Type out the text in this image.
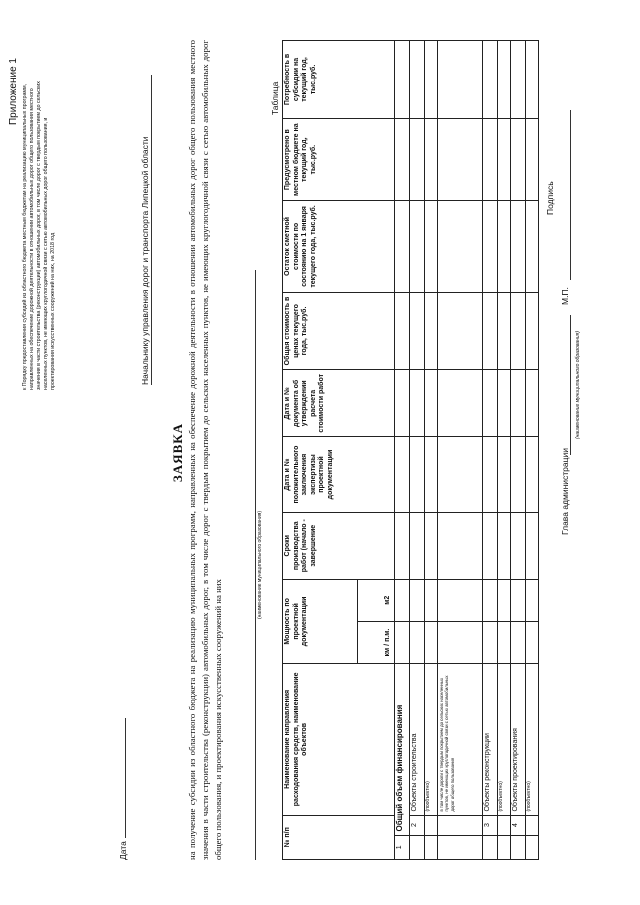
Приложение 1 к Порядку предоставления субсидий из областного бюджета местным бюджетам на реализацию муниципальных программ, направленных на обеспечение дорожной деятельности в отношении автомобильных дорог общего пользования местного значения в части строительства (реконструкции) автомобильных дорог, в том числе дорог с твердым покрытием до сельских населенных пунктов, не имеющих круглогодичной связи с сетью автомобильных дорог общего пользования, и проектирования искусственных сооружений на них, на 2018 год	Начальнику управления дорог и транспорта Липецкой области
Дата
ЗАЯВКА на получение субсидии из областного бюджета на реализацию муниципальных программ, направленных на обеспечение дорожной деятельности в отношении автомобильных дорог общего пользования местного значения в части строительства (реконструкции) автомобильных дорог, в том числе дорог с твердым покрытием до сельских населенных пунктов, не имеющих круглогодичной связи с сетью автомобильных дорог общего пользования, и проектирования искусственных сооружений на них
(наименование муниципального образования)
Таблица
№ п/п		Наименование направления расходования средств, наименование объектов	Мощность по проектной документации		Сроки производства работ (начало - завершение	Дата и № положительного заключения экспертизы проектной документации	Дата и № документа об утверждении расчета стоимости работ	Общая стоимость в ценах текущего года, тыс.руб.	Остаток сметной стоимости по состоянию на 1 января текущего года, тыс.руб.	Предусмотрено в местном бюджете на текущий год, тыс.руб.	Потребность в субсидии на текущий год, тыс.руб.
			км / п.м.	м2							
1	Общий объем финансирования										
	2	Объекты строительства									
		(пообъектно)									
		в том числе дороги с твердым покрытием до сельских населенных пунктов, не имеющих круглогодичной связи с сетью автомобильных дорог общего пользования									
	3	Объекты реконструкции									
		(пообъектно)									
	4	Объекты проектирования									
		(пообъектно)									
Глава администрации
(наименование муниципального образования)
М.П.
Подпись
